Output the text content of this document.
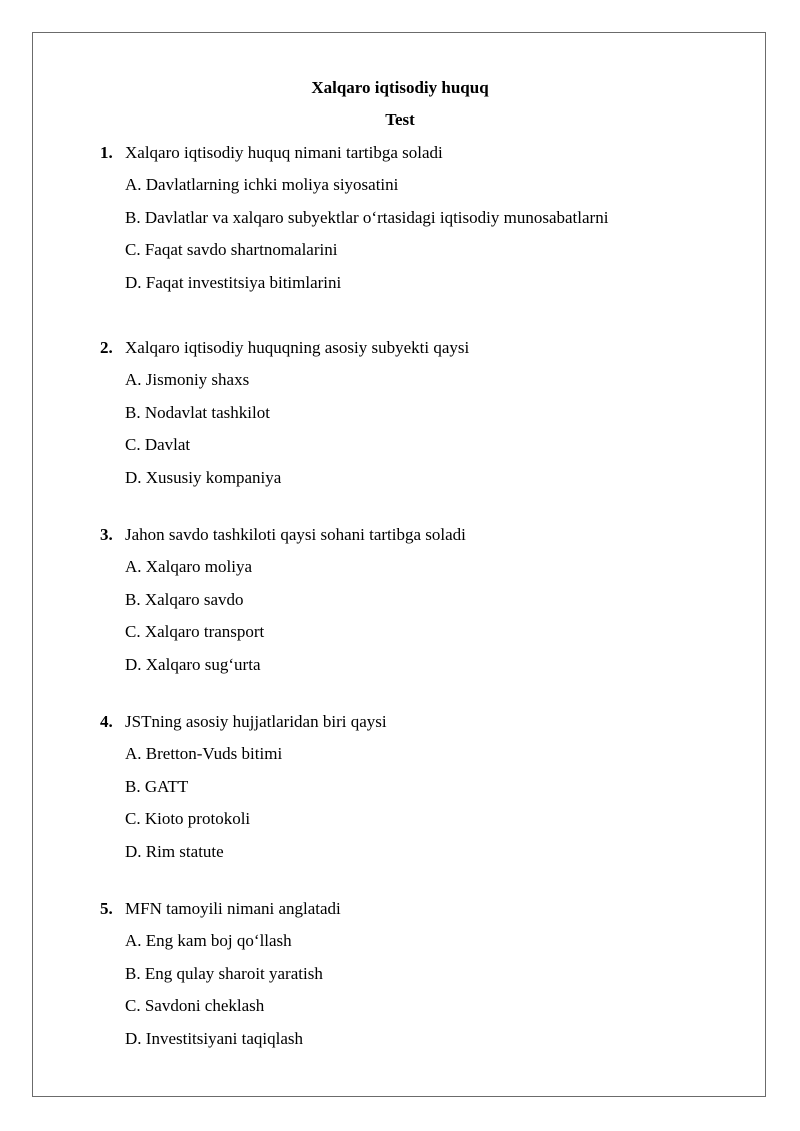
Xalqaro iqtisodiy huquq
Test
1. Xalqaro iqtisodiy huquq nimani tartibga soladi
A. Davlatlarning ichki moliya siyosatini
B. Davlatlar va xalqaro subyektlar o‘rtasidagi iqtisodiy munosabatlarni
C. Faqat savdo shartnomalarini
D. Faqat investitsiya bitimlarini
2. Xalqaro iqtisodiy huquqning asosiy subyekti qaysi
A. Jismoniy shaxs
B. Nodavlat tashkilot
C. Davlat
D. Xususiy kompaniya
3. Jahon savdo tashkiloti qaysi sohani tartibga soladi
A. Xalqaro moliya
B. Xalqaro savdo
C. Xalqaro transport
D. Xalqaro sug‘urta
4. JSTning asosiy hujjatlaridan biri qaysi
A. Bretton-Vuds bitimi
B. GATT
C. Kioto protokoli
D. Rim statute
5. MFN tamoyili nimani anglatadi
A. Eng kam boj qo‘llash
B. Eng qulay sharoit yaratish
C. Savdoni cheklash
D. Investitsiyani taqiqlash
